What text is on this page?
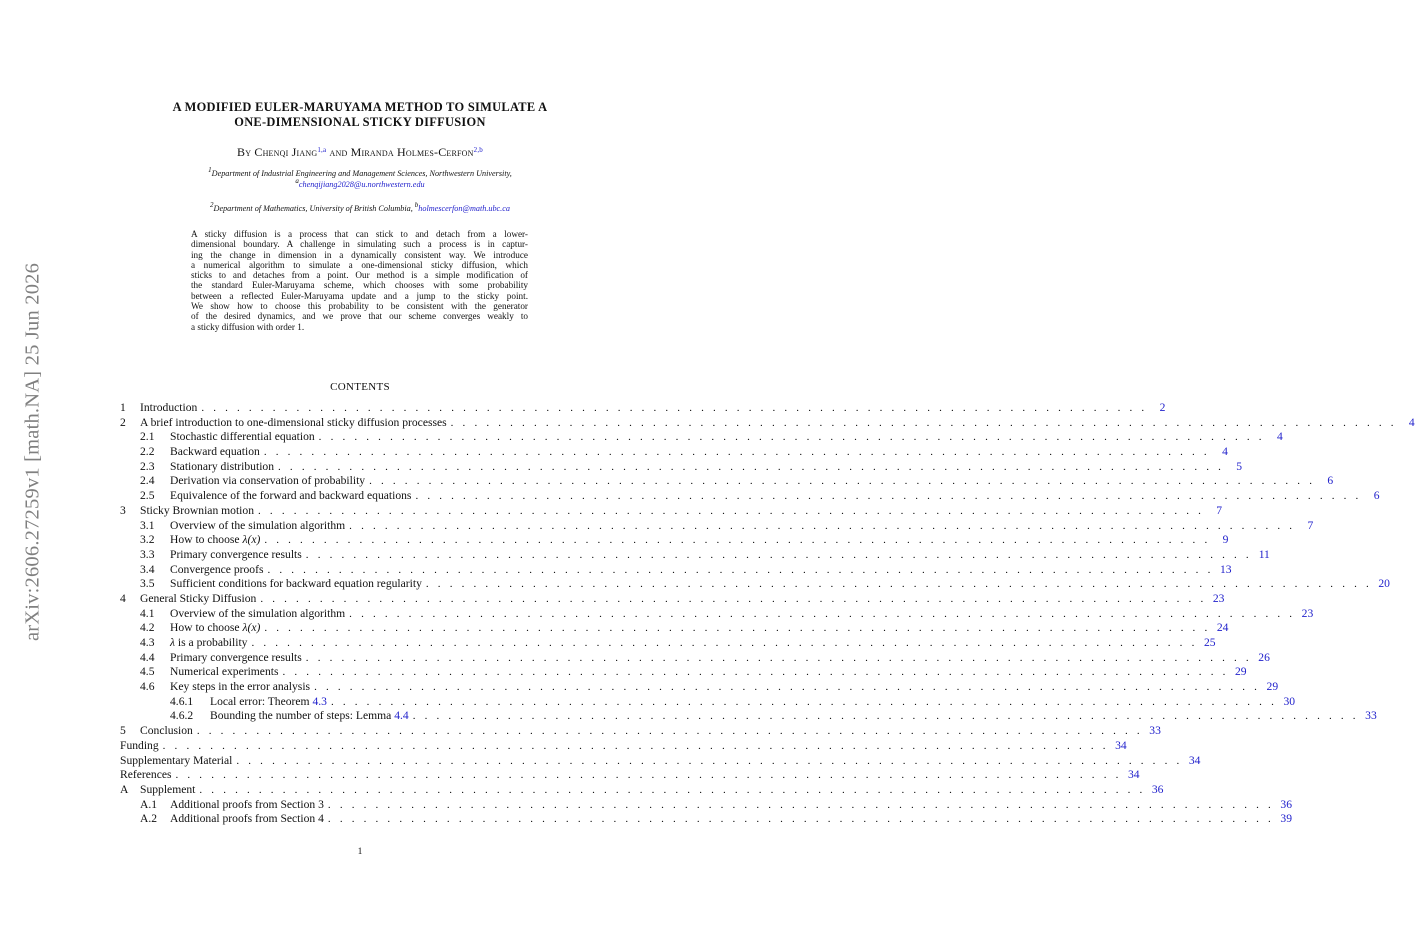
arXiv:2606.27259v1 [math.NA] 25 Jun 2026
A MODIFIED EULER-MARUYAMA METHOD TO SIMULATE A
ONE-DIMENSIONAL STICKY DIFFUSION
By Chenqi Jiang$^{1,a}$ and Miranda Holmes-Cerfon$^{2,b}$
$^1$Department of Industrial Engineering and Management Sciences, Northwestern University,
$^a$chenqijiang2028@u.northwestern.edu
$^2$Department of Mathematics, University of British Columbia, $^b$holmescerfon@math.ubc.ca
A sticky diffusion is a process that can stick to and detach from a lower-
dimensional boundary. A challenge in simulating such a process is in captur-
ing the change in dimension in a dynamically consistent way. We introduce
a numerical algorithm to simulate a one-dimensional sticky diffusion, which
sticks to and detaches from a point. Our method is a simple modification of
the standard Euler-Maruyama scheme, which chooses with some probability
between a reflected Euler-Maruyama update and a jump to the sticky point.
We show how to choose this probability to be consistent with the generator
of the desired dynamics, and we prove that our scheme converges weakly to
a sticky diffusion with order 1.
CONTENTS
1	Introduction . . . . . . . . . . . . . . . . . . . . . . . . . . . . . . . . . . . . . . . . . . . . . . . . . . . . . . . . . . . . . . . . . . . . . . . . . . . . . . . .	2
2	A brief introduction to one-dimensional sticky diffusion processes . . . . . . . . . . . . . . . . . . . . . . . . . . . . . . . . . . . . . . . . . . . . . . . . . . . . . . . . . . . . . . . . . . . . . . . . . . . . . . . .	4
2.1	Stochastic differential equation . . . . . . . . . . . . . . . . . . . . . . . . . . . . . . . . . . . . . . . . . . . . . . . . . . . . . . . . . . . . . . . . . . . . . . . . . . . . . . . .	4
2.2	Backward equation . . . . . . . . . . . . . . . . . . . . . . . . . . . . . . . . . . . . . . . . . . . . . . . . . . . . . . . . . . . . . . . . . . . . . . . . . . . . . . . .	4
2.3	Stationary distribution . . . . . . . . . . . . . . . . . . . . . . . . . . . . . . . . . . . . . . . . . . . . . . . . . . . . . . . . . . . . . . . . . . . . . . . . . . . . . . . .	5
2.4	Derivation via conservation of probability . . . . . . . . . . . . . . . . . . . . . . . . . . . . . . . . . . . . . . . . . . . . . . . . . . . . . . . . . . . . . . . . . . . . . . . . . . . . . . . .	6
2.5	Equivalence of the forward and backward equations . . . . . . . . . . . . . . . . . . . . . . . . . . . . . . . . . . . . . . . . . . . . . . . . . . . . . . . . . . . . . . . . . . . . . . . . . . . . . . . .	6
3	Sticky Brownian motion . . . . . . . . . . . . . . . . . . . . . . . . . . . . . . . . . . . . . . . . . . . . . . . . . . . . . . . . . . . . . . . . . . . . . . . . . . . . . . . .	7
3.1	Overview of the simulation algorithm . . . . . . . . . . . . . . . . . . . . . . . . . . . . . . . . . . . . . . . . . . . . . . . . . . . . . . . . . . . . . . . . . . . . . . . . . . . . . . . .	7
3.2	How to choose λ(x) . . . . . . . . . . . . . . . . . . . . . . . . . . . . . . . . . . . . . . . . . . . . . . . . . . . . . . . . . . . . . . . . . . . . . . . . . . . . . . . .	9
3.3	Primary convergence results . . . . . . . . . . . . . . . . . . . . . . . . . . . . . . . . . . . . . . . . . . . . . . . . . . . . . . . . . . . . . . . . . . . . . . . . . . . . . . . . 11
3.4	Convergence proofs . . . . . . . . . . . . . . . . . . . . . . . . . . . . . . . . . . . . . . . . . . . . . . . . . . . . . . . . . . . . . . . . . . . . . . . . . . . . . . . . 13
3.5	Sufficient conditions for backward equation regularity . . . . . . . . . . . . . . . . . . . . . . . . . . . . . . . . . . . . . . . . . . . . . . . . . . . . . . . . . . . . . . . . . . . . . . . . . . . . . . . . 20
4	General Sticky Diffusion . . . . . . . . . . . . . . . . . . . . . . . . . . . . . . . . . . . . . . . . . . . . . . . . . . . . . . . . . . . . . . . . . . . . . . . . . . . . . . . . 23
4.1	Overview of the simulation algorithm . . . . . . . . . . . . . . . . . . . . . . . . . . . . . . . . . . . . . . . . . . . . . . . . . . . . . . . . . . . . . . . . . . . . . . . . . . . . . . . . 23
4.2	How to choose λ(x) . . . . . . . . . . . . . . . . . . . . . . . . . . . . . . . . . . . . . . . . . . . . . . . . . . . . . . . . . . . . . . . . . . . . . . . . . . . . . . . . 24
4.3	λ is a probability . . . . . . . . . . . . . . . . . . . . . . . . . . . . . . . . . . . . . . . . . . . . . . . . . . . . . . . . . . . . . . . . . . . . . . . . . . . . . . . . 25
4.4	Primary convergence results . . . . . . . . . . . . . . . . . . . . . . . . . . . . . . . . . . . . . . . . . . . . . . . . . . . . . . . . . . . . . . . . . . . . . . . . . . . . . . . . 26
4.5	Numerical experiments . . . . . . . . . . . . . . . . . . . . . . . . . . . . . . . . . . . . . . . . . . . . . . . . . . . . . . . . . . . . . . . . . . . . . . . . . . . . . . . . 29
4.6	Key steps in the error analysis . . . . . . . . . . . . . . . . . . . . . . . . . . . . . . . . . . . . . . . . . . . . . . . . . . . . . . . . . . . . . . . . . . . . . . . . . . . . . . . . 29
4.6.1	Local error: Theorem 4.3 . . . . . . . . . . . . . . . . . . . . . . . . . . . . . . . . . . . . . . . . . . . . . . . . . . . . . . . . . . . . . . . . . . . . . . . . . . . . . . . . 30
4.6.2	Bounding the number of steps: Lemma 4.4 . . . . . . . . . . . . . . . . . . . . . . . . . . . . . . . . . . . . . . . . . . . . . . . . . . . . . . . . . . . . . . . . . . . . . . . . . . . . . . . . 33
5	Conclusion . . . . . . . . . . . . . . . . . . . . . . . . . . . . . . . . . . . . . . . . . . . . . . . . . . . . . . . . . . . . . . . . . . . . . . . . . . . . . . . . 33
Funding . . . . . . . . . . . . . . . . . . . . . . . . . . . . . . . . . . . . . . . . . . . . . . . . . . . . . . . . . . . . . . . . . . . . . . . . . . . . . . . . 34
Supplementary Material . . . . . . . . . . . . . . . . . . . . . . . . . . . . . . . . . . . . . . . . . . . . . . . . . . . . . . . . . . . . . . . . . . . . . . . . . . . . . . . . 34
References . . . . . . . . . . . . . . . . . . . . . . . . . . . . . . . . . . . . . . . . . . . . . . . . . . . . . . . . . . . . . . . . . . . . . . . . . . . . . . . . 34
A	Supplement . . . . . . . . . . . . . . . . . . . . . . . . . . . . . . . . . . . . . . . . . . . . . . . . . . . . . . . . . . . . . . . . . . . . . . . . . . . . . . . . 36
A.1	Additional proofs from Section 3 . . . . . . . . . . . . . . . . . . . . . . . . . . . . . . . . . . . . . . . . . . . . . . . . . . . . . . . . . . . . . . . . . . . . . . . . . . . . . . . . 36
A.2	Additional proofs from Section 4 . . . . . . . . . . . . . . . . . . . . . . . . . . . . . . . . . . . . . . . . . . . . . . . . . . . . . . . . . . . . . . . . . . . . . . . . . . . . . . . . 39
1
